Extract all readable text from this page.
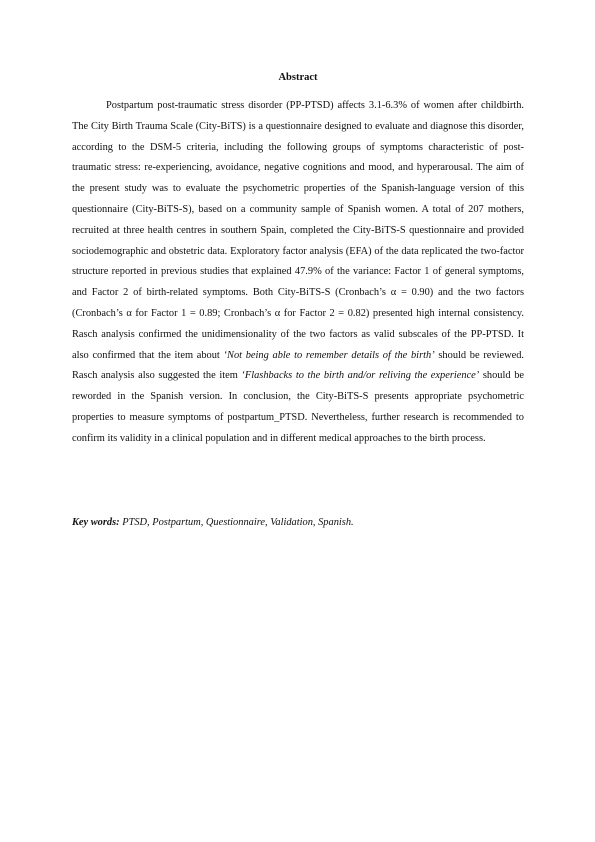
Abstract

Postpartum post-traumatic stress disorder (PP-PTSD) affects 3.1-6.3% of women after childbirth. The City Birth Trauma Scale (City-BiTS) is a questionnaire designed to evaluate and diagnose this disorder, according to the DSM-5 criteria, including the following groups of symptoms characteristic of post-traumatic stress: re-experiencing, avoidance, negative cognitions and mood, and hyperarousal. The aim of the present study was to evaluate the psychometric properties of the Spanish-language version of this questionnaire (City-BiTS-S), based on a community sample of Spanish women. A total of 207 mothers, recruited at three health centres in southern Spain, completed the City-BiTS-S questionnaire and provided sociodemographic and obstetric data. Exploratory factor analysis (EFA) of the data replicated the two-factor structure reported in previous studies that explained 47.9% of the variance: Factor 1 of general symptoms, and Factor 2 of birth-related symptoms. Both City-BiTS-S (Cronbach’s α = 0.90) and the two factors (Cronbach’s α for Factor 1 = 0.89; Cronbach’s α for Factor 2 = 0.82) presented high internal consistency. Rasch analysis confirmed the unidimensionality of the two factors as valid subscales of the PP-PTSD. It also confirmed that the item about ‘Not being able to remember details of the birth’ should be reviewed. Rasch analysis also suggested the item ‘Flashbacks to the birth and/or reliving the experience’ should be reworded in the Spanish version. In conclusion, the City-BiTS-S presents appropriate psychometric properties to measure symptoms of postpartum_PTSD. Nevertheless, further research is recommended to confirm its validity in a clinical population and in different medical approaches to the birth process.

Key words: PTSD, Postpartum, Questionnaire, Validation, Spanish.
